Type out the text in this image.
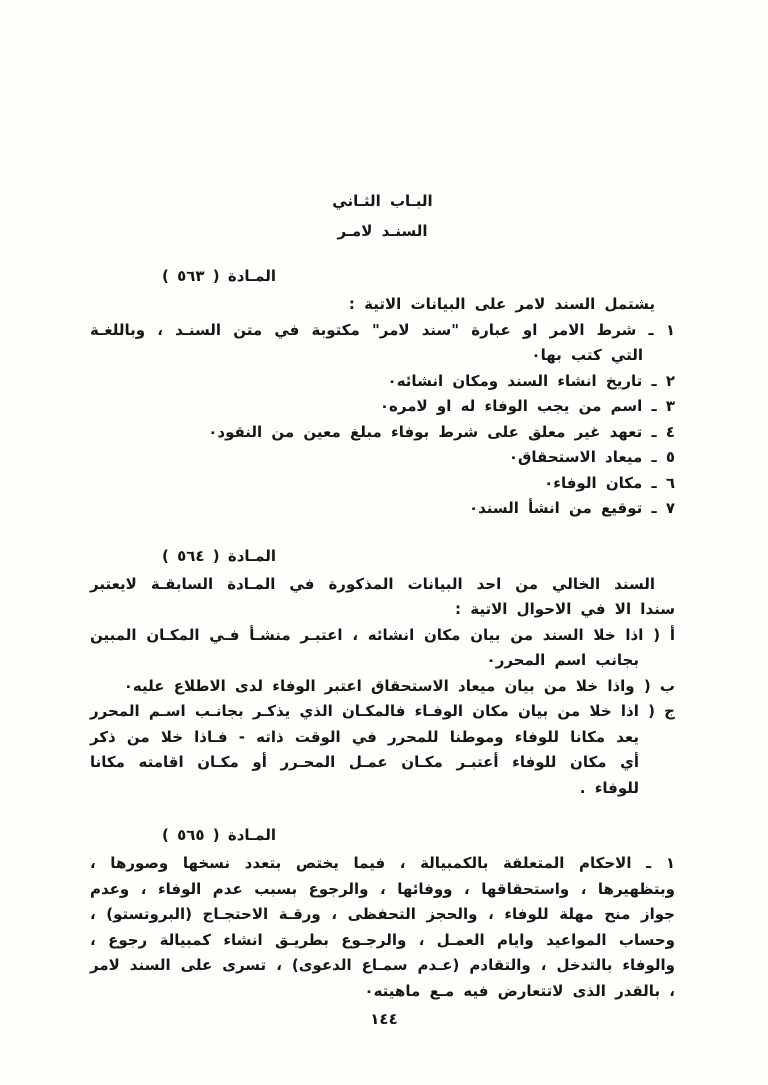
البـاب الثـاني
السنـد لامـر
المـادة ( ٥٦٣ )

يشتمل السند لامر على البيانات الاتية :

١ ـ شرط الامر او عبارة "سند لامر" مكتوبة في متن السنـد ، وباللغـة التي كتب بها٠

٢ ـ تاريخ انشاء السند ومكان انشائه٠

٣ ـ اسم من يجب الوفاء له او لامره٠

٤ ـ تعهد غير معلق على شرط بوفاء مبلغ معين من النقود٠

٥ ـ ميعاد الاستحقاق٠

٦ ـ مكان الوفاء٠

٧ ـ توقيع من انشأ السند٠

المـادة ( ٥٦٤ )

السند الخالي من احد البيانات المذكورة في المـادة السابقـة لايعتبر سندا الا في الاحوال الاتية :

أ ( اذا خلا السند من بيان مكان انشائه ، اعتبـر منشـأ فـي المكـان المبين بجانب اسم المحرر٠

ب ( واذا خلا من بيان ميعاد الاستحقاق اعتبر الوفاء لدى الاطلاع عليه٠

ج ( اذا خلا من بيان مكان الوفـاء فالمكـان الذي يذكـر بجانـب اسـم المحرر يعد مكانا للوفاء وموطنا للمحرر في الوقت ذاته - فـاذا خلا من ذكر أي مكان للوفاء أعتبـر مكـان عمـل المحـرر أو مكـان اقامته مكانا للوفاء .

المـادة ( ٥٦٥ )

١ ـ الاحكام المتعلقة بالكمبيالة ، فيما يختص بتعدد نسخها وصورها ، وبتظهيرها ، واستحقاقها ، ووفائها ، والرجوع بسبب عدم الوفاء ، وعدم جواز منح مهلة للوفاء ، والحجز التحفظى ، ورقـة الاحتجـاج (البروتستو) ، وحساب المواعيد وايام العمـل ، والرجـوع بطريـق انشاء كمبيالة رجوع ، والوفاء بالتدخل ، والتقادم (عـدم سمـاع الدعوى) ، تسرى على السند لامر ، بالقدر الذى لاتتعارض فيه مـع ماهيته٠

١٤٤
